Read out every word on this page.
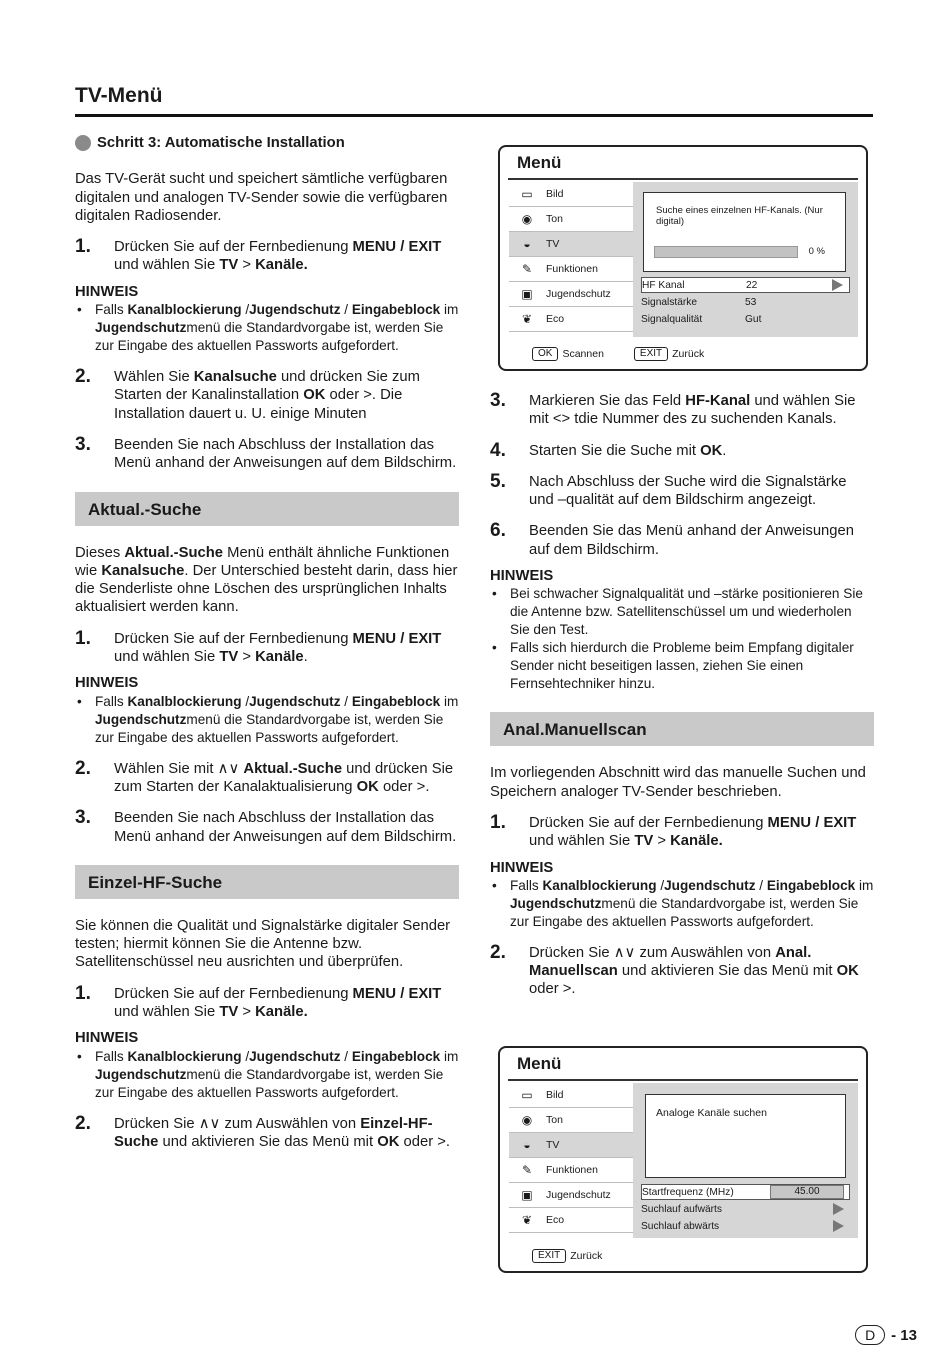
TV-Menü
Schritt 3: Automatische Installation

Das TV-Gerät sucht und speichert sämtliche verfügbaren digitalen und analogen TV-Sender sowie die verfügbaren digitalen Radiosender.

1.	Drücken Sie auf der Fernbedienung MENU / EXIT und wählen Sie TV > Kanäle.
HINWEIS
• Falls Kanalblockierung /Jugendschutz / Eingabeblock im Jugendschutzmenü die Standardvorgabe ist, werden Sie zur Eingabe des aktuellen Passworts aufgefordert.
2.	Wählen Sie Kanalsuche und drücken Sie zum Starten der Kanalinstallation OK oder >. Die Installation dauert u. U. einige Minuten
3.	Beenden Sie nach Abschluss der Installation das Menü anhand der Anweisungen auf dem Bildschirm.
Aktual.-Suche

Dieses Aktual.-Suche Menü enthält ähnliche Funktionen wie Kanalsuche. Der Unterschied besteht darin, dass hier die Senderliste ohne Löschen des ursprünglichen Inhalts aktualisiert werden kann.

1.	Drücken Sie auf der Fernbedienung MENU / EXIT und wählen Sie TV > Kanäle.
HINWEIS
• Falls Kanalblockierung /Jugendschutz / Eingabeblock im Jugendschutzmenü die Standardvorgabe ist, werden Sie zur Eingabe des aktuellen Passworts aufgefordert.
2.	Wählen Sie mit ∧∨ Aktual.-Suche und drücken Sie zum Starten der Kanalaktualisierung OK oder >.
3.	Beenden Sie nach Abschluss der Installation das Menü anhand der Anweisungen auf dem Bildschirm.
Einzel-HF-Suche

Sie können die Qualität und Signalstärke digitaler Sender testen; hiermit können Sie die Antenne bzw. Satellitenschüssel neu ausrichten und überprüfen.

1.	Drücken Sie auf der Fernbedienung MENU / EXIT und wählen Sie TV > Kanäle.
HINWEIS
• Falls Kanalblockierung /Jugendschutz / Eingabeblock im Jugendschutzmenü die Standardvorgabe ist, werden Sie zur Eingabe des aktuellen Passworts aufgefordert.
2.	Drücken Sie ∧∨ zum Auswählen von Einzel-HF-Suche und aktivieren Sie das Menü mit OK oder >.
Menü
▭	Bild
◉	Ton
◒	TV
✎	Funktionen
▣	Jugendschutz
❦	Eco
Suche eines einzelnen HF-Kanals. (Nur digital)
0 %
HF Kanal	22
Signalstärke	53
Signalqualität	Gut
OK Scannen	EXIT Zurück
3.	Markieren Sie das Feld HF-Kanal und wählen Sie mit <> tdie Nummer des zu suchenden Kanals.
4.	Starten Sie die Suche mit OK.
5.	Nach Abschluss der Suche wird die Signalstärke und –qualität auf dem Bildschirm angezeigt.
6.	Beenden Sie das Menü anhand der Anweisungen auf dem Bildschirm.
HINWEIS
• Bei schwacher Signalqualität und –stärke positionieren Sie die Antenne bzw. Satellitenschüssel um und wiederholen Sie den Test.
• Falls sich hierdurch die Probleme beim Empfang digitaler Sender nicht beseitigen lassen, ziehen Sie einen Fernsehtechniker hinzu.
Anal.Manuellscan

Im vorliegenden Abschnitt wird das manuelle Suchen und Speichern analoger TV-Sender beschrieben.

1.	Drücken Sie auf der Fernbedienung MENU / EXIT und wählen Sie TV > Kanäle.
HINWEIS
• Falls Kanalblockierung /Jugendschutz / Eingabeblock im Jugendschutzmenü die Standardvorgabe ist, werden Sie zur Eingabe des aktuellen Passworts aufgefordert.
2.	Drücken Sie ∧∨ zum Auswählen von Anal. Manuellscan und aktivieren Sie das Menü mit OK oder >.
Menü
▭	Bild
◉	Ton
◒	TV
✎	Funktionen
▣	Jugendschutz
❦	Eco
Analoge Kanäle suchen
Startfrequenz (MHz)	45.00
Suchlauf aufwärts
Suchlauf abwärts
EXIT Zurück
D	- 13
